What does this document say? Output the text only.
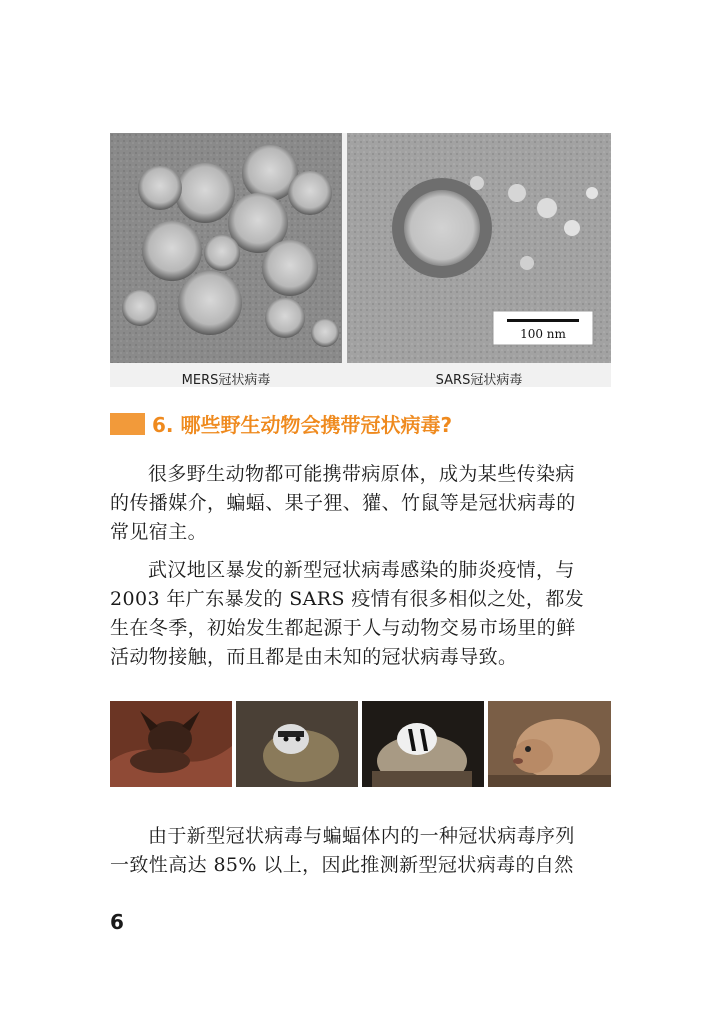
100 nm
MERS冠状病毒	SARS冠状病毒
6. 哪些野生动物会携带冠状病毒?
很多野生动物都可能携带病原体，成为某些传染病
的传播媒介，蝙蝠、果子狸、獾、竹鼠等是冠状病毒的
常见宿主。
武汉地区暴发的新型冠状病毒感染的肺炎疫情，与
2003 年广东暴发的 SARS 疫情有很多相似之处，都发
生在冬季，初始发生都起源于人与动物交易市场里的鲜
活动物接触，而且都是由未知的冠状病毒导致。
由于新型冠状病毒与蝙蝠体内的一种冠状病毒序列
一致性高达 85% 以上，因此推测新型冠状病毒的自然
6
